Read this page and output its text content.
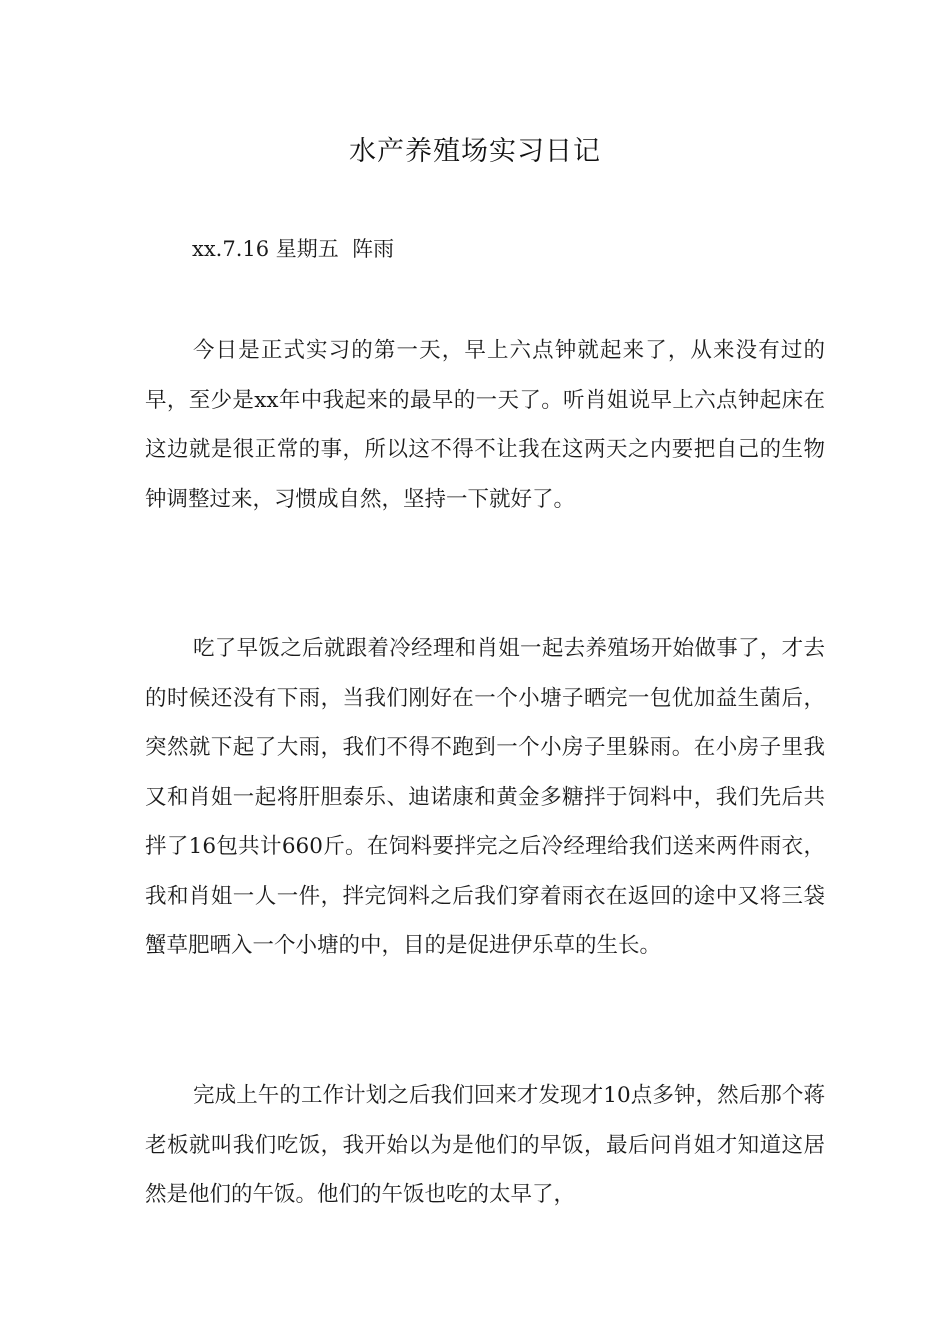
水产养殖场实习日记
xx.7.16 星期五  阵雨

今日是正式实习的第一天，早上六点钟就起来了，从来没有过的早，至少是xx年中我起来的最早的一天了。听肖姐说早上六点钟起床在这边就是很正常的事，所以这不得不让我在这两天之内要把自己的生物钟调整过来，习惯成自然，坚持一下就好了。

吃了早饭之后就跟着冷经理和肖姐一起去养殖场开始做事了，才去的时候还没有下雨，当我们刚好在一个小塘子晒完一包优加益生菌后，突然就下起了大雨，我们不得不跑到一个小房子里躲雨。在小房子里我又和肖姐一起将肝胆泰乐、迪诺康和黄金多糖拌于饲料中，我们先后共拌了16包共计660斤。在饲料要拌完之后冷经理给我们送来两件雨衣，我和肖姐一人一件，拌完饲料之后我们穿着雨衣在返回的途中又将三袋蟹草肥晒入一个小塘的中，目的是促进伊乐草的生长。

完成上午的工作计划之后我们回来才发现才10点多钟，然后那个蒋老板就叫我们吃饭，我开始以为是他们的早饭，最后问肖姐才知道这居然是他们的午饭。他们的午饭也吃的太早了，
